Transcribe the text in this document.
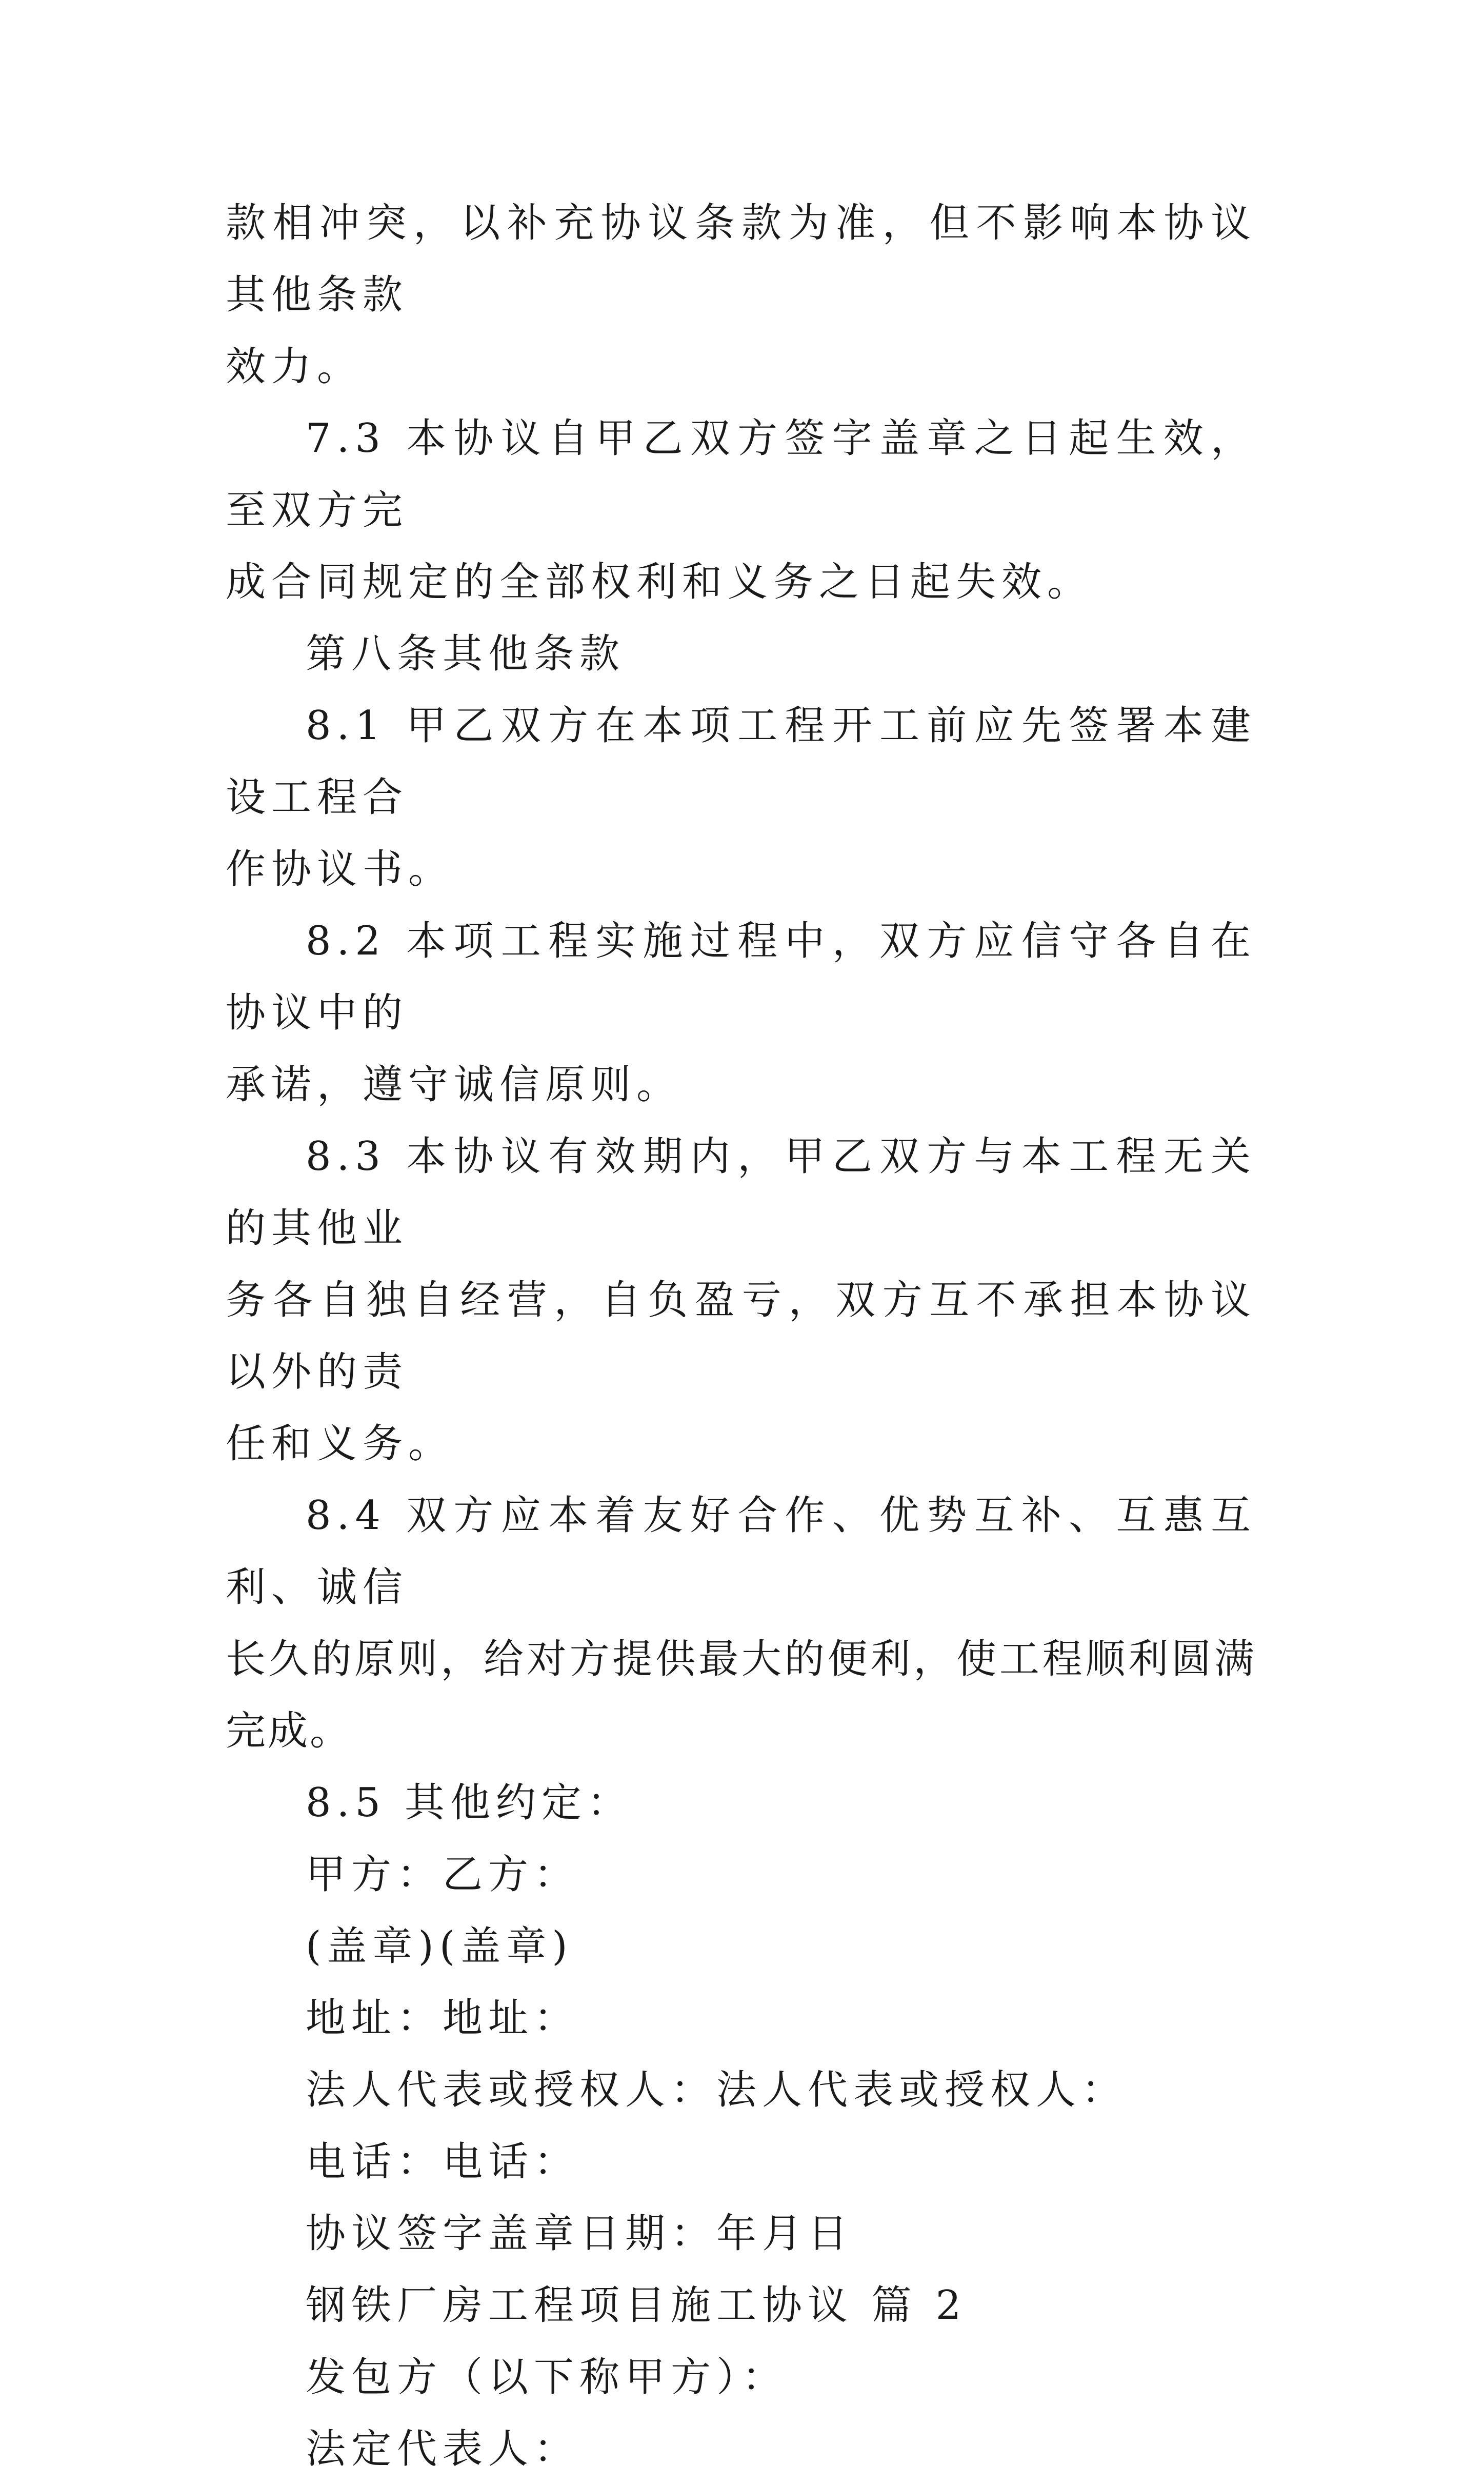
款相冲突，以补充协议条款为准，但不影响本协议其他条款
效力。

7.3 本协议自甲乙双方签字盖章之日起生效，至双方完
成合同规定的全部权利和义务之日起失效。

第八条其他条款

8.1 甲乙双方在本项工程开工前应先签署本建设工程合
作协议书。

8.2 本项工程实施过程中，双方应信守各自在协议中的
承诺，遵守诚信原则。

8.3 本协议有效期内，甲乙双方与本工程无关的其他业
务各自独自经营，自负盈亏，双方互不承担本协议以外的责
任和义务。

8.4 双方应本着友好合作、优势互补、互惠互利、诚信
长久的原则，给对方提供最大的便利，使工程顺利圆满完成。

8.5 其他约定：

甲方：乙方：

(盖章)(盖章)

地址：地址：

法人代表或授权人：法人代表或授权人：

电话：电话：

协议签字盖章日期：年月日

钢铁厂房工程项目施工协议 篇 2

发包方（以下称甲方）：

法定代表人：
